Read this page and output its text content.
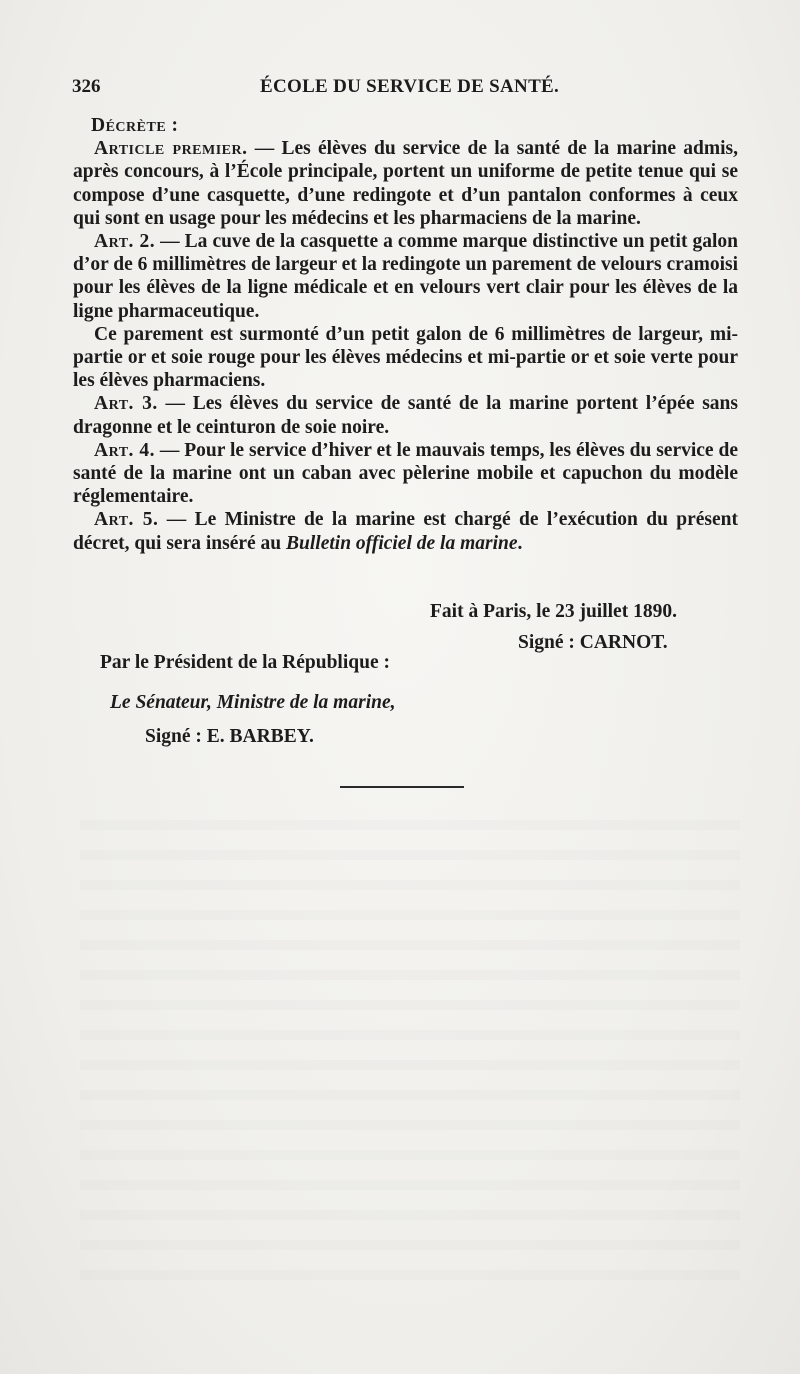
326	ÉCOLE DU SERVICE DE SANTÉ.

Décrète :

Article premier. — Les élèves du service de la santé de la marine admis, après concours, à l’École principale, portent un uniforme de petite tenue qui se compose d’une casquette, d’une redingote et d’un pantalon conformes à ceux qui sont en usage pour les médecins et les pharmaciens de la marine.

Art. 2. — La cuve de la casquette a comme marque distinctive un petit galon d’or de 6 millimètres de largeur et la redingote un parement de velours cramoisi pour les élèves de la ligne médicale et en velours vert clair pour les élèves de la ligne pharmaceutique.

Ce parement est surmonté d’un petit galon de 6 millimètres de largeur, mi-partie or et soie rouge pour les élèves médecins et mi-partie or et soie verte pour les élèves pharmaciens.

Art. 3. — Les élèves du service de santé de la marine portent l’épée sans dragonne et le ceinturon de soie noire.

Art. 4. — Pour le service d’hiver et le mauvais temps, les élèves du service de santé de la marine ont un caban avec pèlerine mobile et capuchon du modèle réglementaire.

Art. 5. — Le Ministre de la marine est chargé de l’exécution du présent décret, qui sera inséré au Bulletin officiel de la marine.

Fait à Paris, le 23 juillet 1890.
Signé : CARNOT.
Par le Président de la République :
Le Sénateur, Ministre de la marine,
Signé : E. BARBEY.
